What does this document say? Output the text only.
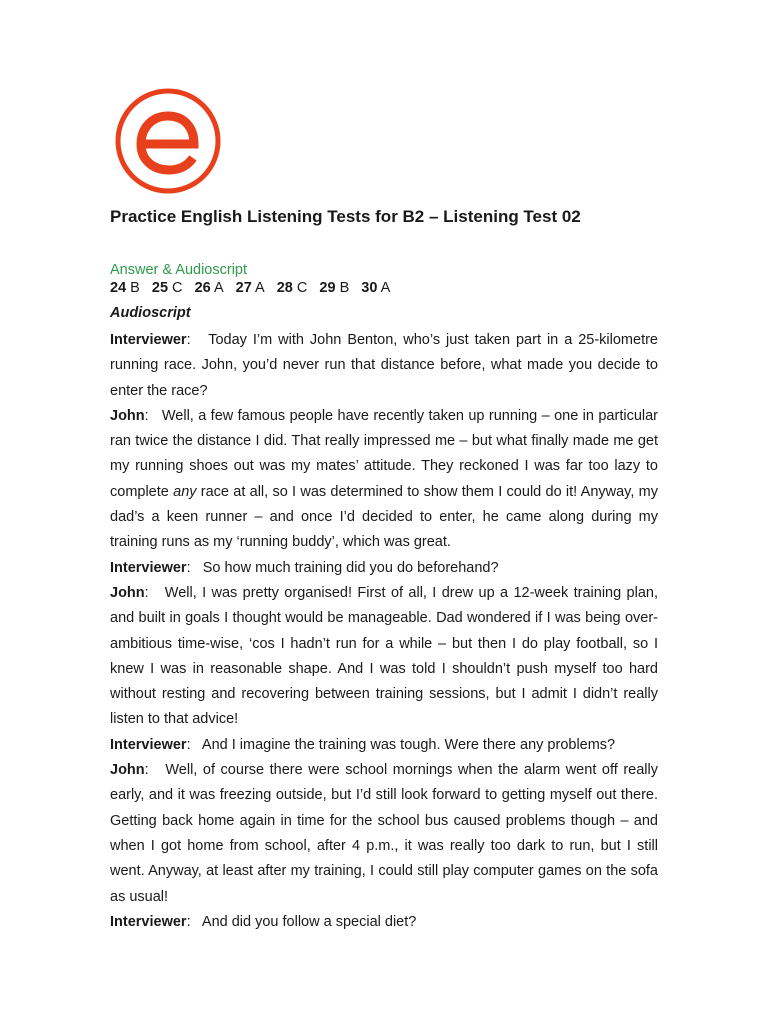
Practice English Listening Tests for B2 – Listening Test 02
Answer & Audioscript
24 B 25 C 26 A 27 A 28 C 29 B 30 A
Audioscript

Interviewer:   Today I’m with John Benton, who’s just taken part in a 25-kilometre running race. John, you’d never run that distance before, what made you decide to enter the race?

John:   Well, a few famous people have recently taken up running – one in particular ran twice the distance I did. That really impressed me – but what finally made me get my running shoes out was my mates’ attitude. They reckoned I was far too lazy to complete any race at all, so I was determined to show them I could do it! Anyway, my dad’s a keen runner – and once I’d decided to enter, he came along during my training runs as my ‘running buddy’, which was great.

Interviewer:   So how much training did you do beforehand?

John:   Well, I was pretty organised! First of all, I drew up a 12-week training plan, and built in goals I thought would be manageable. Dad wondered if I was being over-ambitious time-wise, ‘cos I hadn’t run for a while – but then I do play football, so I knew I was in reasonable shape. And I was told I shouldn’t push myself too hard without resting and recovering between training sessions, but I admit I didn’t really listen to that advice!

Interviewer:   And I imagine the training was tough. Were there any problems?

John:   Well, of course there were school mornings when the alarm went off really early, and it was freezing outside, but I’d still look forward to getting myself out there. Getting back home again in time for the school bus caused problems though – and when I got home from school, after 4 p.m., it was really too dark to run, but I still went. Anyway, at least after my training, I could still play computer games on the sofa as usual!

Interviewer:   And did you follow a special diet?
